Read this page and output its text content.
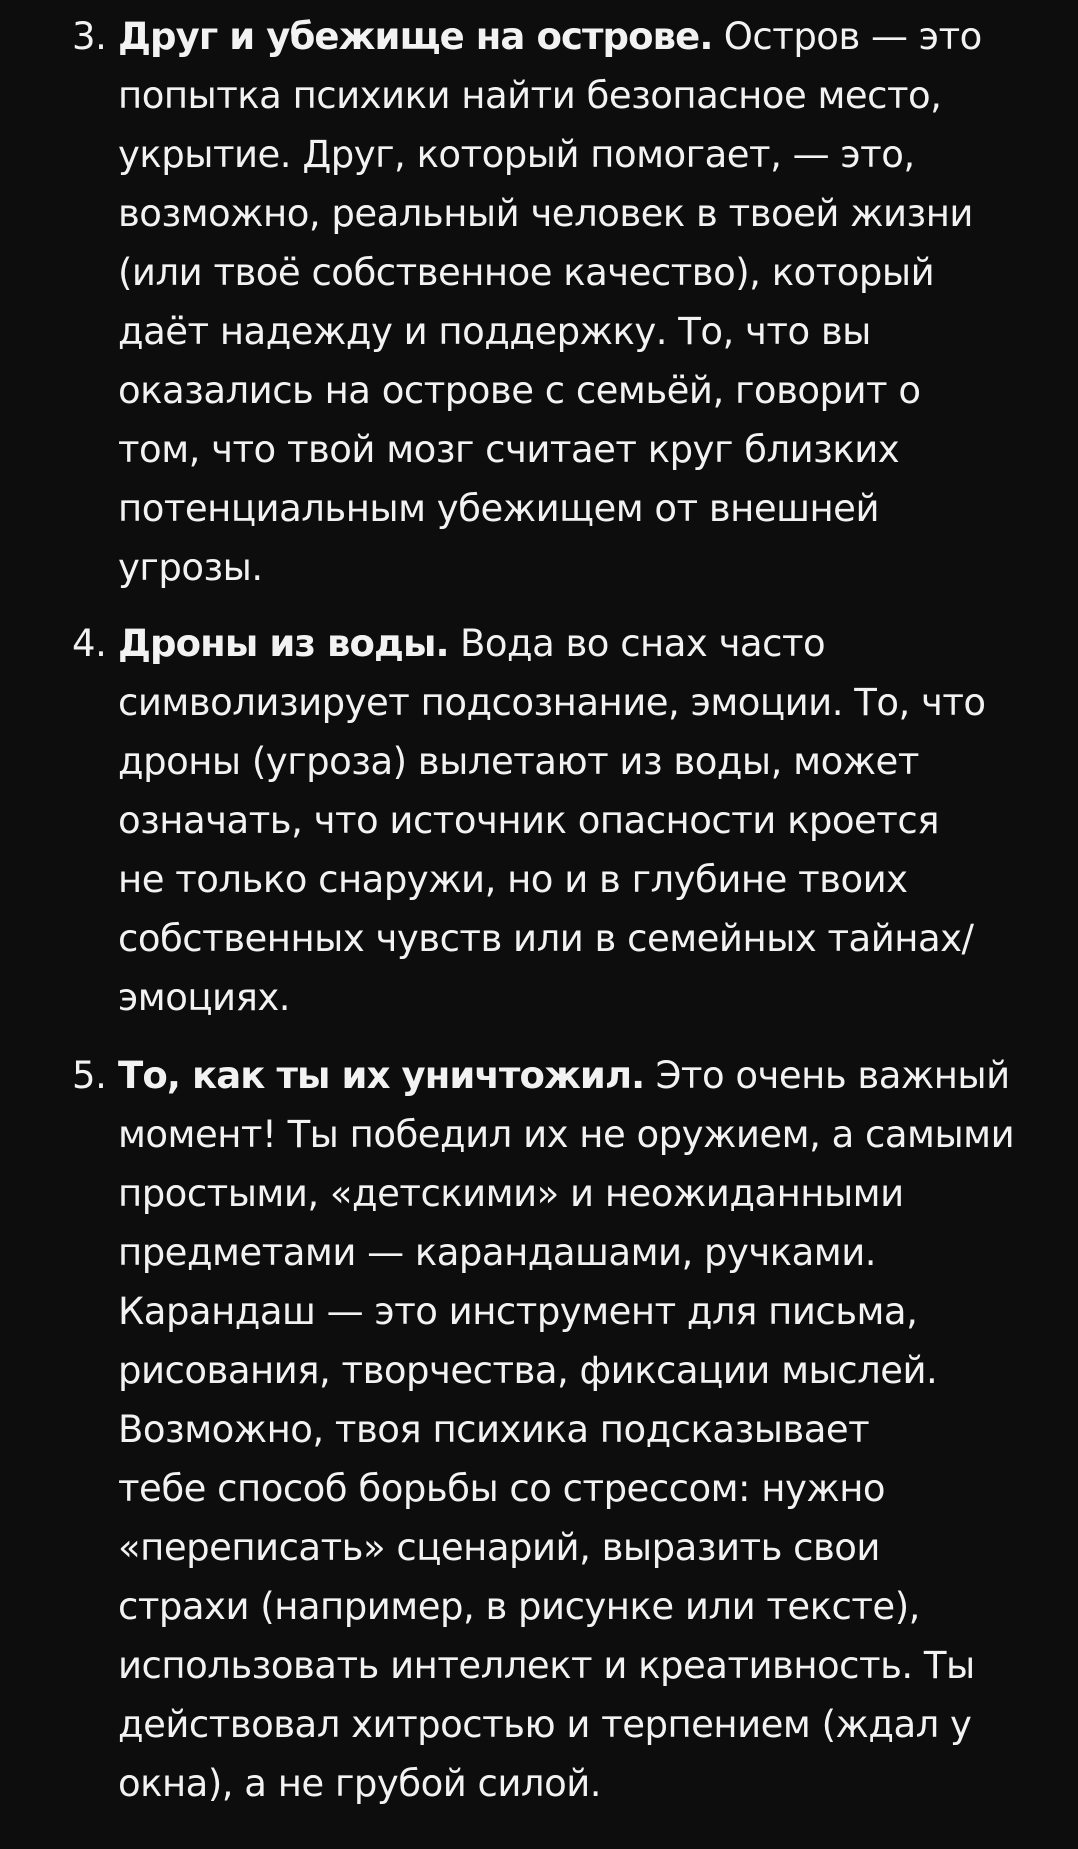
3. Друг и убежище на острове. Остров — это
попытка психики найти безопасное место,
укрытие. Друг, который помогает, — это,
возможно, реальный человек в твоей жизни
(или твоё собственное качество), который
даёт надежду и поддержку. То, что вы
оказались на острове с семьёй, говорит о
том, что твой мозг считает круг близких
потенциальным убежищем от внешней
угрозы.
4. Дроны из воды. Вода во снах часто
символизирует подсознание, эмоции. То, что
дроны (угроза) вылетают из воды, может
означать, что источник опасности кроется
не только снаружи, но и в глубине твоих
собственных чувств или в семейных тайнах/
эмоциях.
5. То, как ты их уничтожил. Это очень важный
момент! Ты победил их не оружием, а самыми
простыми, «детскими» и неожиданными
предметами — карандашами, ручками.
Карандаш — это инструмент для письма,
рисования, творчества, фиксации мыслей.
Возможно, твоя психика подсказывает
тебе способ борьбы со стрессом: нужно
«переписать» сценарий, выразить свои
страхи (например, в рисунке или тексте),
использовать интеллект и креативность. Ты
действовал хитростью и терпением (ждал у
окна), а не грубой силой.
